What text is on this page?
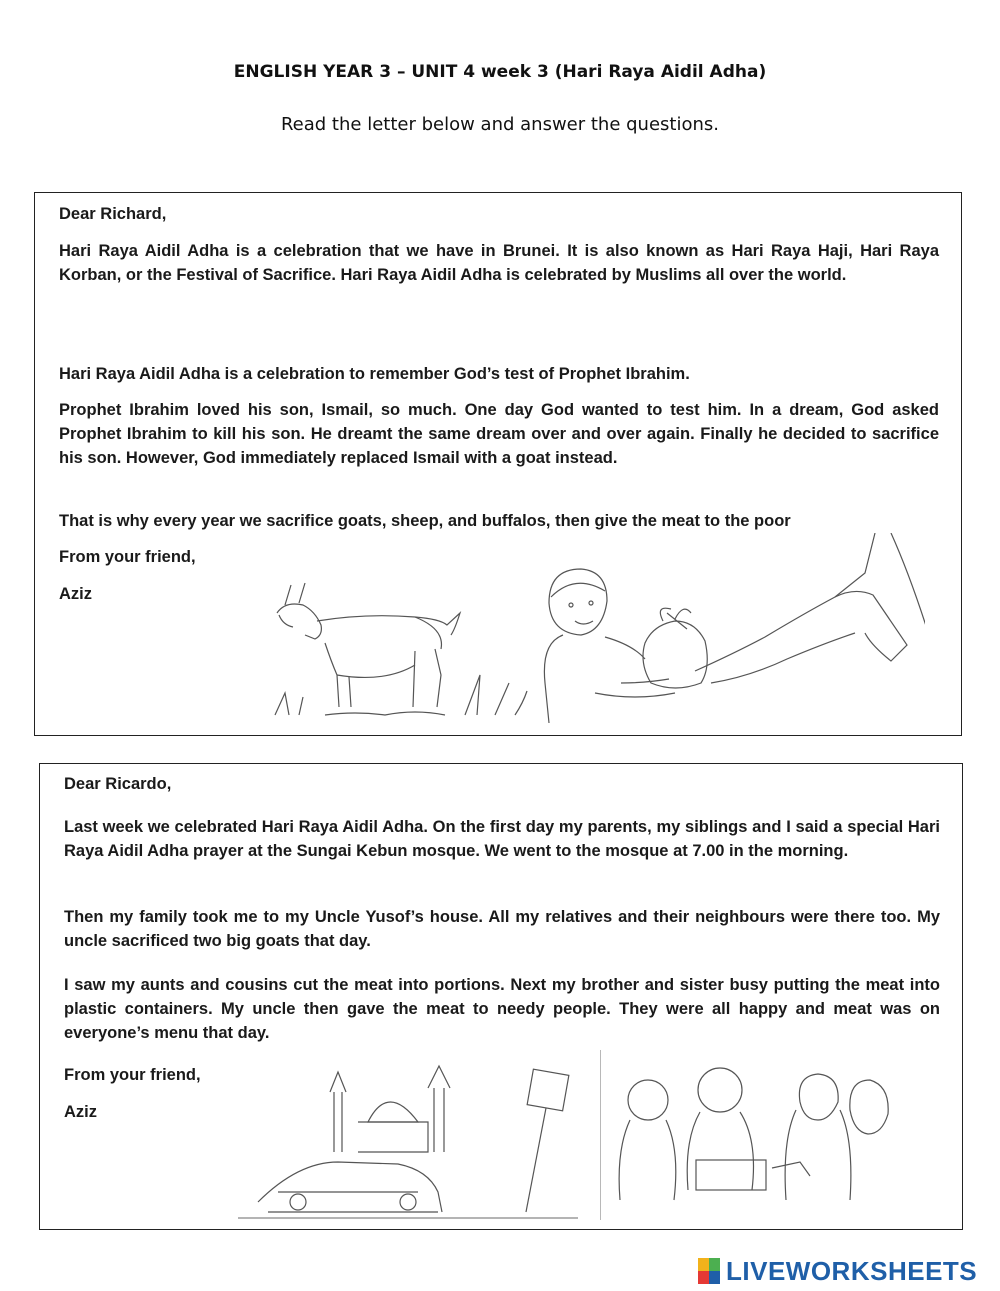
ENGLISH YEAR 3 – UNIT 4 week 3 (Hari Raya Aidil Adha)
Read the letter below and answer the questions.

Dear Richard,

Hari Raya Aidil Adha is a celebration that we have in Brunei. It is also known as Hari Raya Haji, Hari Raya Korban, or the Festival of Sacrifice. Hari Raya Aidil Adha is celebrated by Muslims all over the world.

Hari Raya Aidil Adha is a celebration to remember God’s test of Prophet Ibrahim.

Prophet Ibrahim loved his son, Ismail, so much. One day God wanted to test him. In a dream, God asked Prophet Ibrahim to kill his son. He dreamt the same dream over and over again. Finally he decided to sacrifice his son. However, God immediately replaced Ismail with a goat instead.

That is why every year we sacrifice goats, sheep, and buffalos, then give the meat to the poor

From your friend,

Aziz

Dear Ricardo,

Last week we celebrated Hari Raya Aidil Adha. On the first day my parents, my siblings and I said a special Hari Raya Aidil Adha prayer at the Sungai Kebun mosque. We went to the mosque at 7.00 in the morning.

Then my family took me to my Uncle Yusof’s house. All my relatives and their neighbours were there too. My uncle sacrificed two big goats that day.

I saw my aunts and cousins cut the meat into portions. Next my brother and sister busy putting the meat into plastic containers. My uncle then gave the meat to needy people. They were all happy and meat was on everyone’s menu that day.

From your friend,

Aziz

LIVEWORKSHEETS
